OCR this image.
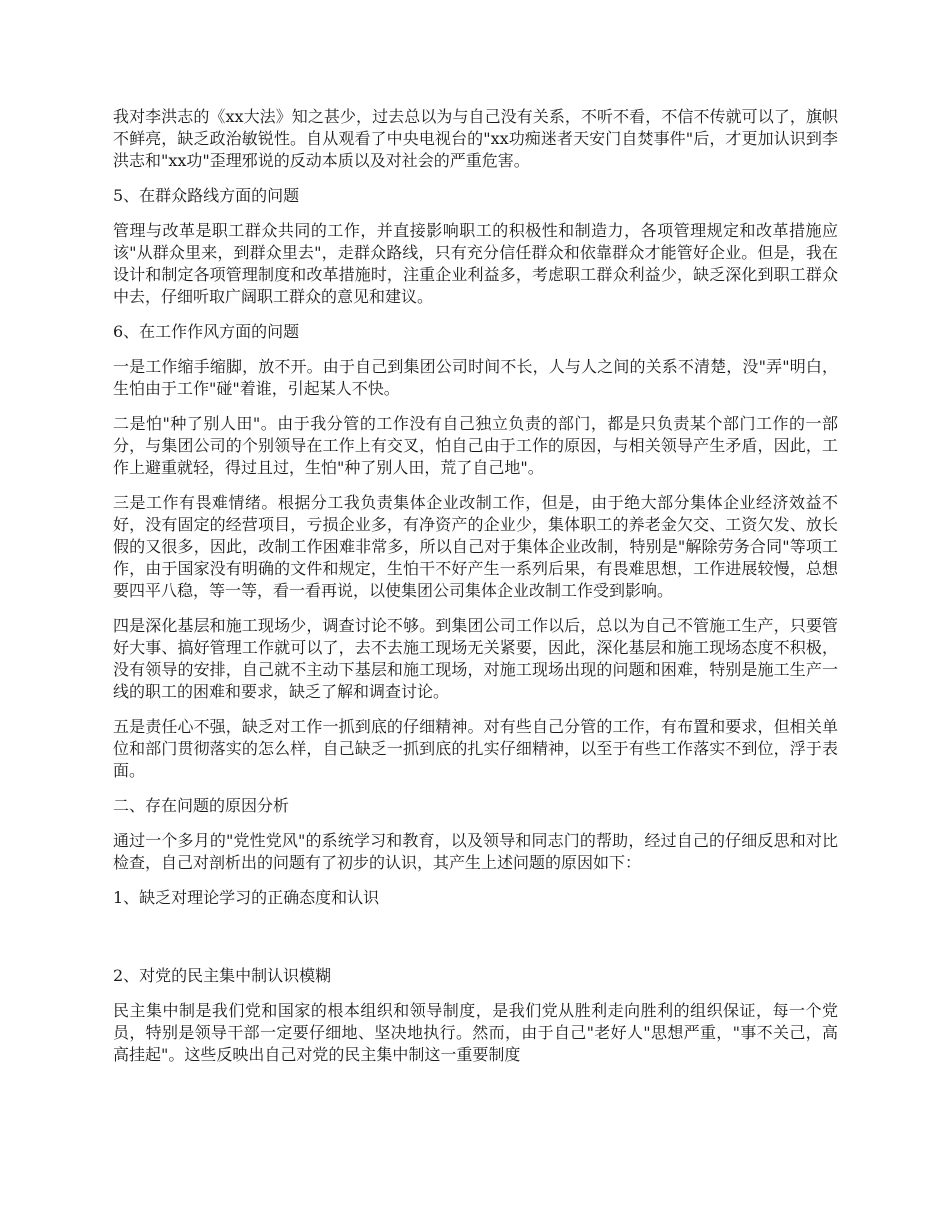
我对李洪志的《xx大法》知之甚少，过去总以为与自己没有关系，不听不看，不信不传就可以了，旗帜不鲜亮，缺乏政治敏锐性。自从观看了中央电视台的"xx功痴迷者天安门自焚事件"后，才更加认识到李洪志和"xx功"歪理邪说的反动本质以及对社会的严重危害。
5、在群众路线方面的问题
管理与改革是职工群众共同的工作，并直接影响职工的积极性和制造力，各项管理规定和改革措施应该"从群众里来，到群众里去"，走群众路线，只有充分信任群众和依靠群众才能管好企业。但是，我在设计和制定各项管理制度和改革措施时，注重企业利益多，考虑职工群众利益少，缺乏深化到职工群众中去，仔细听取广阔职工群众的意见和建议。
6、在工作作风方面的问题
一是工作缩手缩脚，放不开。由于自己到集团公司时间不长，人与人之间的关系不清楚，没"弄"明白，生怕由于工作"碰"着谁，引起某人不快。
二是怕"种了别人田"。由于我分管的工作没有自己独立负责的部门，都是只负责某个部门工作的一部分，与集团公司的个别领导在工作上有交叉，怕自己由于工作的原因，与相关领导产生矛盾，因此，工作上避重就轻，得过且过，生怕"种了别人田，荒了自己地"。
三是工作有畏难情绪。根据分工我负责集体企业改制工作，但是，由于绝大部分集体企业经济效益不好，没有固定的经营项目，亏损企业多，有净资产的企业少，集体职工的养老金欠交、工资欠发、放长假的又很多，因此，改制工作困难非常多，所以自己对于集体企业改制，特别是"解除劳务合同"等项工作，由于国家没有明确的文件和规定，生怕干不好产生一系列后果，有畏难思想，工作进展较慢，总想要四平八稳，等一等，看一看再说，以使集团公司集体企业改制工作受到影响。
四是深化基层和施工现场少，调查讨论不够。到集团公司工作以后，总以为自己不管施工生产，只要管好大事、搞好管理工作就可以了，去不去施工现场无关紧要，因此，深化基层和施工现场态度不积极，没有领导的安排，自己就不主动下基层和施工现场，对施工现场出现的问题和困难，特别是施工生产一线的职工的困难和要求，缺乏了解和调查讨论。
五是责任心不强，缺乏对工作一抓到底的仔细精神。对有些自己分管的工作，有布置和要求，但相关单位和部门贯彻落实的怎么样，自己缺乏一抓到底的扎实仔细精神，以至于有些工作落实不到位，浮于表面。
二、存在问题的原因分析
通过一个多月的"党性党风"的系统学习和教育，以及领导和同志门的帮助，经过自己的仔细反思和对比检查，自己对剖析出的问题有了初步的认识，其产生上述问题的原因如下：
1、缺乏对理论学习的正确态度和认识
2、对党的民主集中制认识模糊
民主集中制是我们党和国家的根本组织和领导制度，是我们党从胜利走向胜利的组织保证，每一个党员，特别是领导干部一定要仔细地、坚决地执行。然而，由于自己"老好人"思想严重，"事不关己，高高挂起"。这些反映出自己对党的民主集中制这一重要制度
